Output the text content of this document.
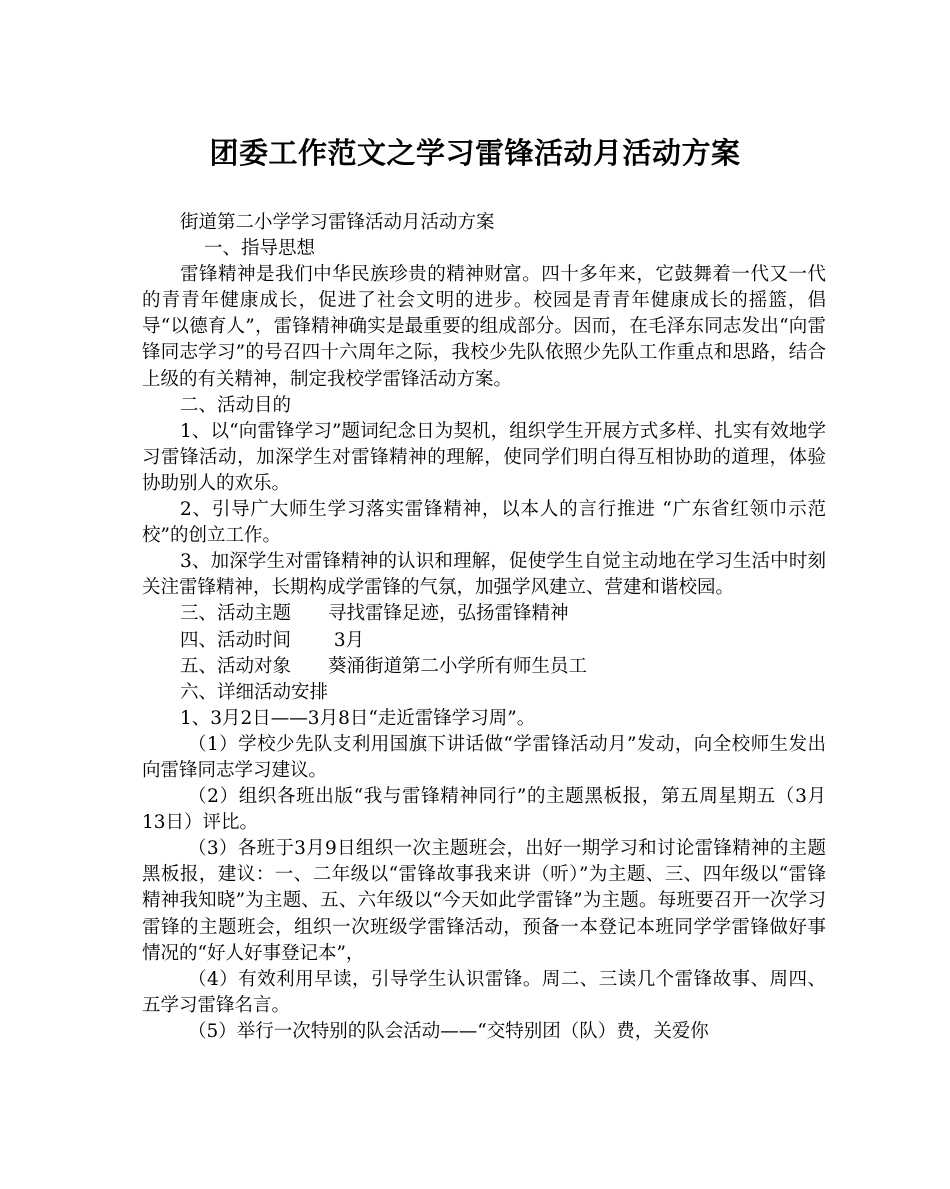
团委工作范文之学习雷锋活动月活动方案

街道第二小学学习雷锋活动月活动方案

一、指导思想

雷锋精神是我们中华民族珍贵的精神财富。四十多年来，它鼓舞着一代又一代的青青年健康成长，促进了社会文明的进步。校园是青青年健康成长的摇篮，倡导“以德育人”，雷锋精神确实是最重要的组成部分。因而，在毛泽东同志发出“向雷锋同志学习”的号召四十六周年之际，我校少先队依照少先队工作重点和思路，结合上级的有关精神，制定我校学雷锋活动方案。

二、活动目的

1、以“向雷锋学习”题词纪念日为契机，组织学生开展方式多样、扎实有效地学习雷锋活动，加深学生对雷锋精神的理解，使同学们明白得互相协助的道理，体验协助别人的欢乐。

2、引导广大师生学习落实雷锋精神，以本人的言行推进 “广东省红领巾示范校”的创立工作。

3、加深学生对雷锋精神的认识和理解，促使学生自觉主动地在学习生活中时刻关注雷锋精神，长期构成学雷锋的气氛，加强学风建立、营建和谐校园。

三、活动主题　　寻找雷锋足迹，弘扬雷锋精神

四、活动时间　　 3月

五、活动对象　　葵涌街道第二小学所有师生员工

六、详细活动安排

1、3月2日——3月8日“走近雷锋学习周”。

（1）学校少先队支利用国旗下讲话做“学雷锋活动月”发动，向全校师生发出向雷锋同志学习建议。

（2）组织各班出版“我与雷锋精神同行”的主题黑板报，第五周星期五（3月13日）评比。

（3）各班于3月9日组织一次主题班会，出好一期学习和讨论雷锋精神的主题黑板报，建议：一、二年级以“雷锋故事我来讲（听）”为主题、三、四年级以“雷锋精神我知晓”为主题、五、六年级以“今天如此学雷锋”为主题。每班要召开一次学习雷锋的主题班会，组织一次班级学雷锋活动，预备一本登记本班同学学雷锋做好事情况的“好人好事登记本”，

（4）有效利用早读，引导学生认识雷锋。周二、三读几个雷锋故事、周四、五学习雷锋名言。

（5）举行一次特别的队会活动——“交特别团（队）费，关爱你
